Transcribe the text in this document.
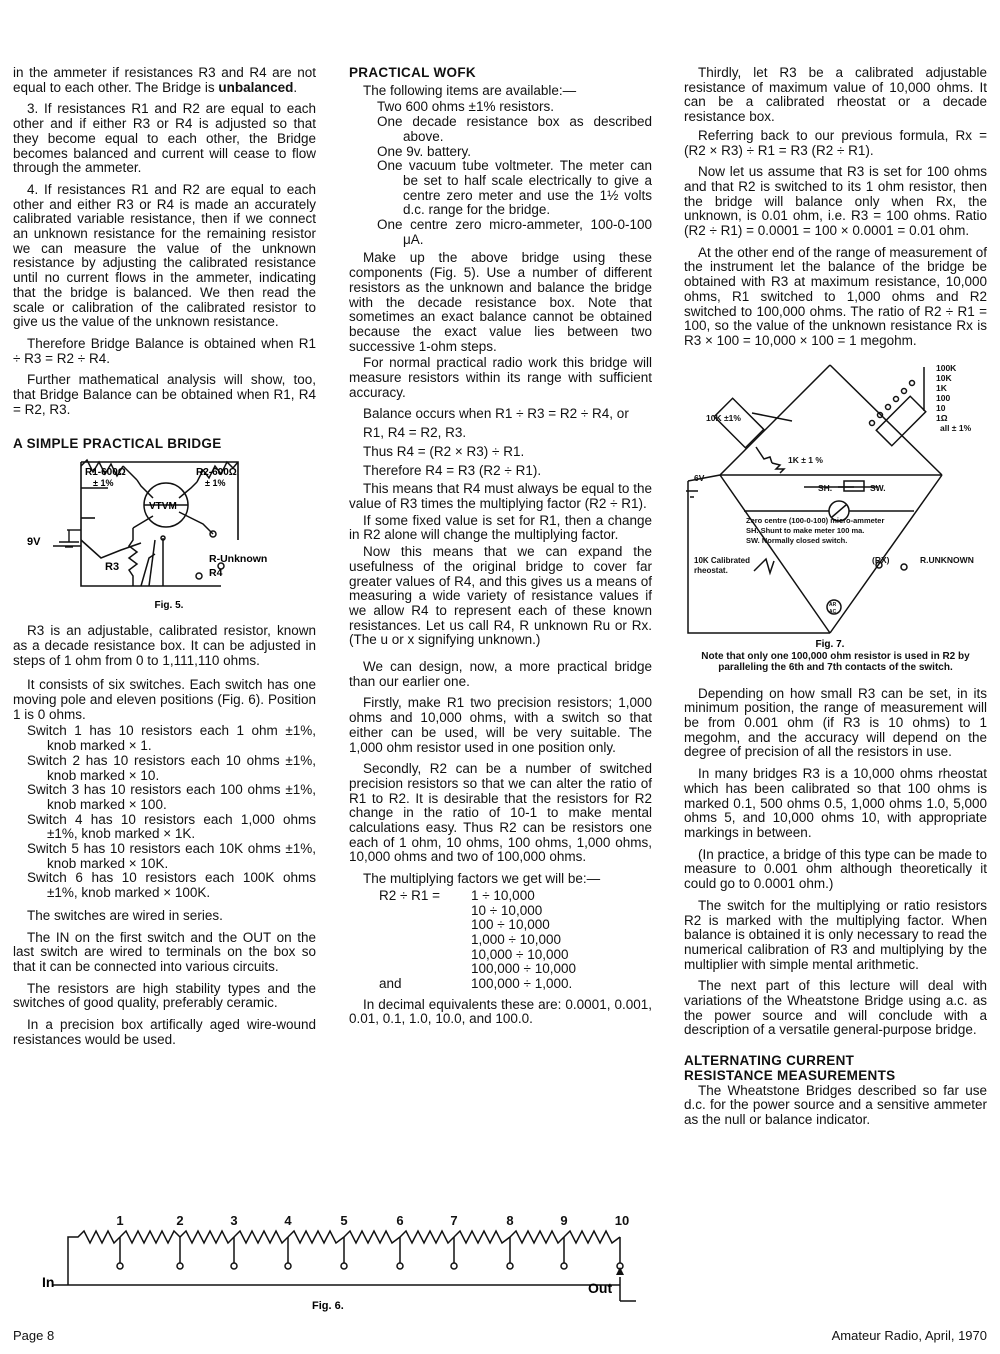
in the ammeter if resistances R3 and R4 are not equal to each other. The Bridge is unbalanced.

3. If resistances R1 and R2 are equal to each other and if either R3 or R4 is adjusted so that they become equal to each other, the Bridge becomes balanced and current will cease to flow through the ammeter.

4. If resistances R1 and R2 are equal to each other and either R3 or R4 is made an accurately calibrated variable resistance, then if we connect an unknown resistance for the remaining resistor we can measure the value of the unknown resistance by adjusting the calibrated resistance until no current flows in the ammeter, indicating that the bridge is balanced. We then read the scale or calibration of the calibrated resistor to give us the value of the unknown resistance.

Therefore Bridge Balance is obtained when R1 ÷ R3 = R2 ÷ R4.

Further mathematical analysis will show, too, that Bridge Balance can be obtained when R1, R4 = R2, R3.

A SIMPLE PRACTICAL BRIDGE
R1-600Ω
± 1%
R2-600Ω
± 1%
9V
VTVM
R3
R-Unknown
R4
Fig. 5.

R3 is an adjustable, calibrated resistor, known as a decade resistance box. It can be adjusted in steps of 1 ohm from 0 to 1,111,110 ohms.

It consists of six switches. Each switch has one moving pole and eleven positions (Fig. 6). Position 1 is 0 ohms.

Switch 1 has 10 resistors each 1 ohm ±1%, knob marked × 1.
Switch 2 has 10 resistors each 10 ohms ±1%, knob marked × 10.
Switch 3 has 10 resistors each 100 ohms ±1%, knob marked × 100.
Switch 4 has 10 resistors each 1,000 ohms ±1%, knob marked × 1K.
Switch 5 has 10 resistors each 10K ohms ±1%, knob marked × 10K.
Switch 6 has 10 resistors each 100K ohms ±1%, knob marked × 100K.

The switches are wired in series.

The IN on the first switch and the OUT on the last switch are wired to terminals on the box so that it can be connected into various circuits.

The resistors are high stability types and the switches of good quality, preferably ceramic.

In a precision box artifically aged wire-wound resistances would be used.

PRACTICAL WOFK

The following items are available:—

Two 600 ohms ±1% resistors.
One decade resistance box as described above.
One 9v. battery.
One vacuum tube voltmeter. The meter can be set to half scale electrically to give a centre zero meter and use the 1½ volts d.c. range for the bridge.
One centre zero micro-ammeter, 100-0-100 μA.

Make up the above bridge using these components (Fig. 5). Use a number of different resistors as the unknown and balance the bridge with the decade resistance box. Note that sometimes an exact balance cannot be obtained because the exact value lies between two successive 1-ohm steps.

For normal practical radio work this bridge will measure resistors within its range with sufficient accuracy.

Balance occurs when R1 ÷ R3 = R2 ÷ R4, or

R1, R4 = R2, R3.

Thus R4 = (R2 × R3) ÷ R1.

Therefore R4 = R3 (R2 ÷ R1).

This means that R4 must always be equal to the value of R3 times the multiplying factor (R2 ÷ R1).

If some fixed value is set for R1, then a change in R2 alone will change the multiplying factor.

Now this means that we can expand the usefulness of the original bridge to cover far greater values of R4, and this gives us a means of measuring a wide variety of resistance values if we allow R4 to represent each of these known resistances. Let us call R4, R unknown Ru or Rx. (The u or x signifying unknown.)

We can design, now, a more practical bridge than our earlier one.

Firstly, make R1 two precision resistors; 1,000 ohms and 10,000 ohms, with a switch so that either can be used, will be very suitable. The 1,000 ohm resistor used in one position only.

Secondly, R2 can be a number of switched precision resistors so that we can alter the ratio of R1 to R2. It is desirable that the resistors for R2 change in the ratio of 10-1 to make mental calculations easy. Thus R2 can be resistors one each of 1 ohm, 10 ohms, 100 ohms, 1,000 ohms, 10,000 ohms and two of 100,000 ohms.

The multiplying factors we get will be:—

R2 ÷ R1 =	1 ÷ 10,000
	10 ÷ 10,000
	100 ÷ 10,000
	1,000 ÷ 10,000
	10,000 ÷ 10,000
	100,000 ÷ 10,000
and	100,000 ÷ 1,000.

In decimal equivalents these are: 0.0001, 0.001, 0.01, 0.1, 1.0, 10.0, and 100.0.

Thirdly, let R3 be a calibrated adjustable resistance of maximum value of 10,000 ohms. It can be a calibrated rheostat or a decade resistance box.

Referring back to our previous formula, Rx = (R2 × R3) ÷ R1 = R3 (R2 ÷ R1).

Now let us assume that R3 is set for 100 ohms and that R2 is switched to its 1 ohm resistor, then the bridge will balance only when Rx, the unknown, is 0.01 ohm, i.e. R3 = 100 ohms. Ratio (R2 ÷ R1) = 0.0001 = 100 × 0.0001 = 0.01 ohm.

At the other end of the range of measurement of the instrument let the balance of the bridge be obtained with R3 at maximum resistance, 10,000 ohms, R1 switched to 1,000 ohms and R2 switched to 100,000 ohms. The ratio of R2 ÷ R1 = 100, so the value of the unknown resistance Rx is R3 × 100 = 10,000 × 100 = 1 megohm.

100K
10K
1K
100
10
1Ω
all ± 1%
10K ±1%
1K ± 1 %
6V
SH.	SW.
Zero centre (100-0-100) micro-ammeter
SH. Shunt to make meter 100 ma.
SW. Normally closed switch.
10K Calibrated
rheostat.
(RX)	R.UNKNOWN
AR
AC
Fig. 7.
Note that only one 100,000 ohm resistor is used in R2 by paralleling the 6th and 7th contacts of the switch.

Depending on how small R3 can be set, in its minimum position, the range of measurement will be from 0.001 ohm (if R3 is 10 ohms) to 1 megohm, and the accuracy will depend on the degree of precision of all the resistors in use.

In many bridges R3 is a 10,000 ohms rheostat which has been calibrated so that 100 ohms is marked 0.1, 500 ohms 0.5, 1,000 ohms 1.0, 5,000 ohms 5, and 10,000 ohms 10, with appropriate markings in between.

(In practice, a bridge of this type can be made to measure to 0.001 ohm although theoretically it could go to 0.0001 ohm.)

The switch for the multiplying or ratio resistors R2 is marked with the multiplying factor. When balance is obtained it is only necessary to read the numerical calibration of R3 and multiplying by the multiplier with simple mental arithmetic.

The next part of this lecture will deal with variations of the Wheatstone Bridge using a.c. as the power source and will conclude with a description of a versatile general-purpose bridge.

ALTERNATING CURRENT
RESISTANCE MEASUREMENTS

The Wheatstone Bridges described so far use d.c. for the power source and a sensitive ammeter as the null or balance indicator.

1	2	3	4	5	6	7	8	9	10
In	Out
Fig. 6.
Page 8	Amateur Radio, April, 1970
